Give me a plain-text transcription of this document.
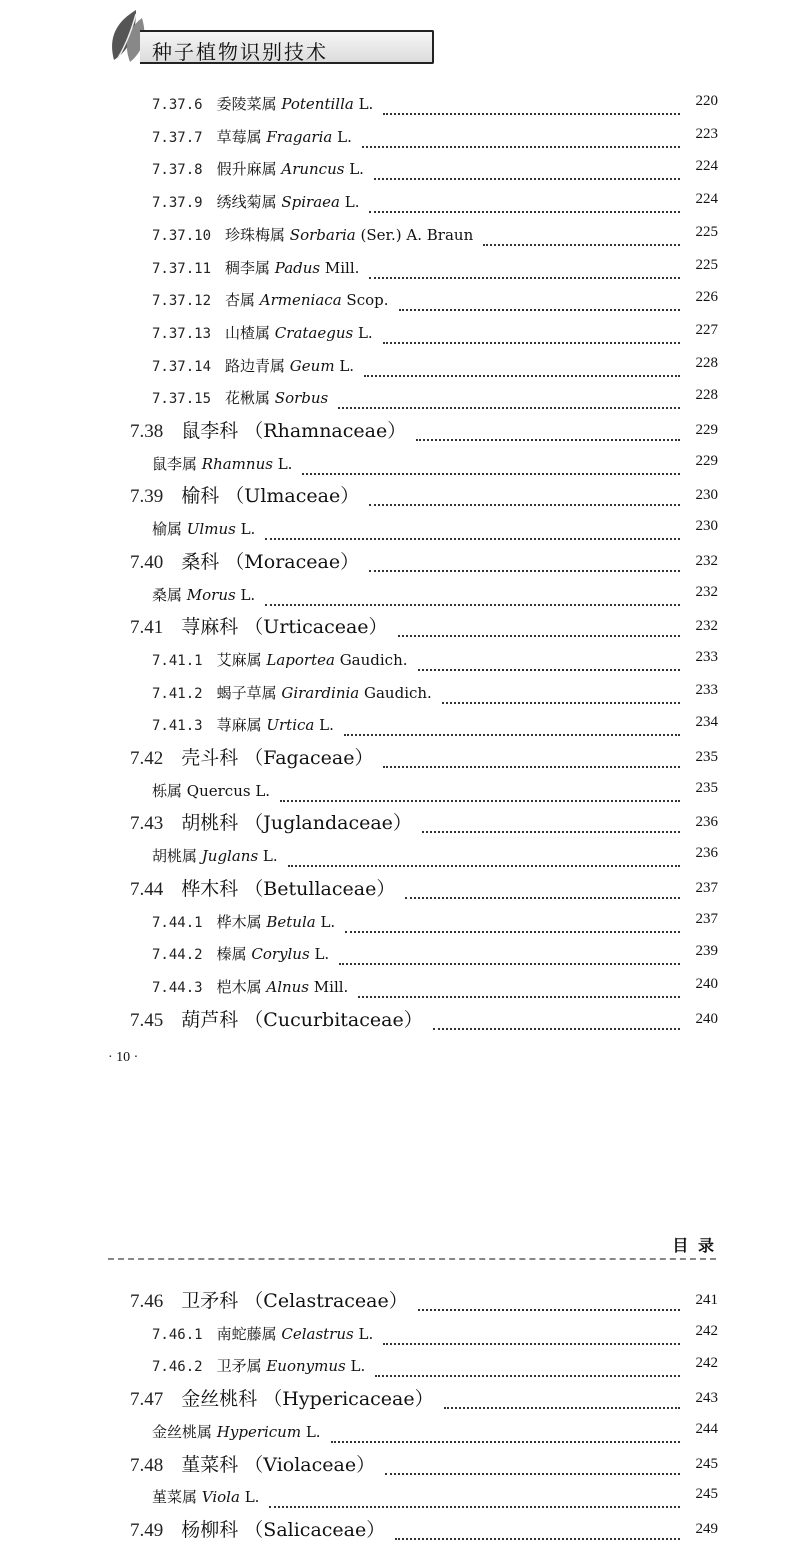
种子植物识别技术
7.37.6 委陵菜属 Potentilla L.	220
7.37.7 草莓属 Fragaria L.	223
7.37.8 假升麻属 Aruncus L.	224
7.37.9 绣线菊属 Spiraea L.	224
7.37.10 珍珠梅属 Sorbaria (Ser.) A. Braun	225
7.37.11 稠李属 Padus Mill.	225
7.37.12 杏属 Armeniaca Scop.	226
7.37.13 山楂属 Crataegus L.	227
7.37.14 路边青属 Geum L.	228
7.37.15 花楸属 Sorbus	228
7.38 鼠李科 （Rhamnaceae）	229
鼠李属 Rhamnus L.	229
7.39 榆科 （Ulmaceae）	230
榆属 Ulmus L.	230
7.40 桑科 （Moraceae）	232
桑属 Morus L.	232
7.41 荨麻科 （Urticaceae）	232
7.41.1 艾麻属 Laportea Gaudich.	233
7.41.2 蝎子草属 Girardinia Gaudich.	233
7.41.3 荨麻属 Urtica L.	234
7.42 壳斗科 （Fagaceae）	235
栎属 Quercus L.	235
7.43 胡桃科 （Juglandaceae）	236
胡桃属 Juglans L.	236
7.44 桦木科 （Betullaceae）	237
7.44.1 桦木属 Betula L.	237
7.44.2 榛属 Corylus L.	239
7.44.3 桤木属 Alnus Mill.	240
7.45 葫芦科 （Cucurbitaceae）	240
· 10 ·
目 录
7.46 卫矛科 （Celastraceae）	241
7.46.1 南蛇藤属 Celastrus L.	242
7.46.2 卫矛属 Euonymus L.	242
7.47 金丝桃科 （Hypericaceae）	243
金丝桃属 Hypericum L.	244
7.48 堇菜科 （Violaceae）	245
堇菜属 Viola L.	245
7.49 杨柳科 （Salicaceae）	249
